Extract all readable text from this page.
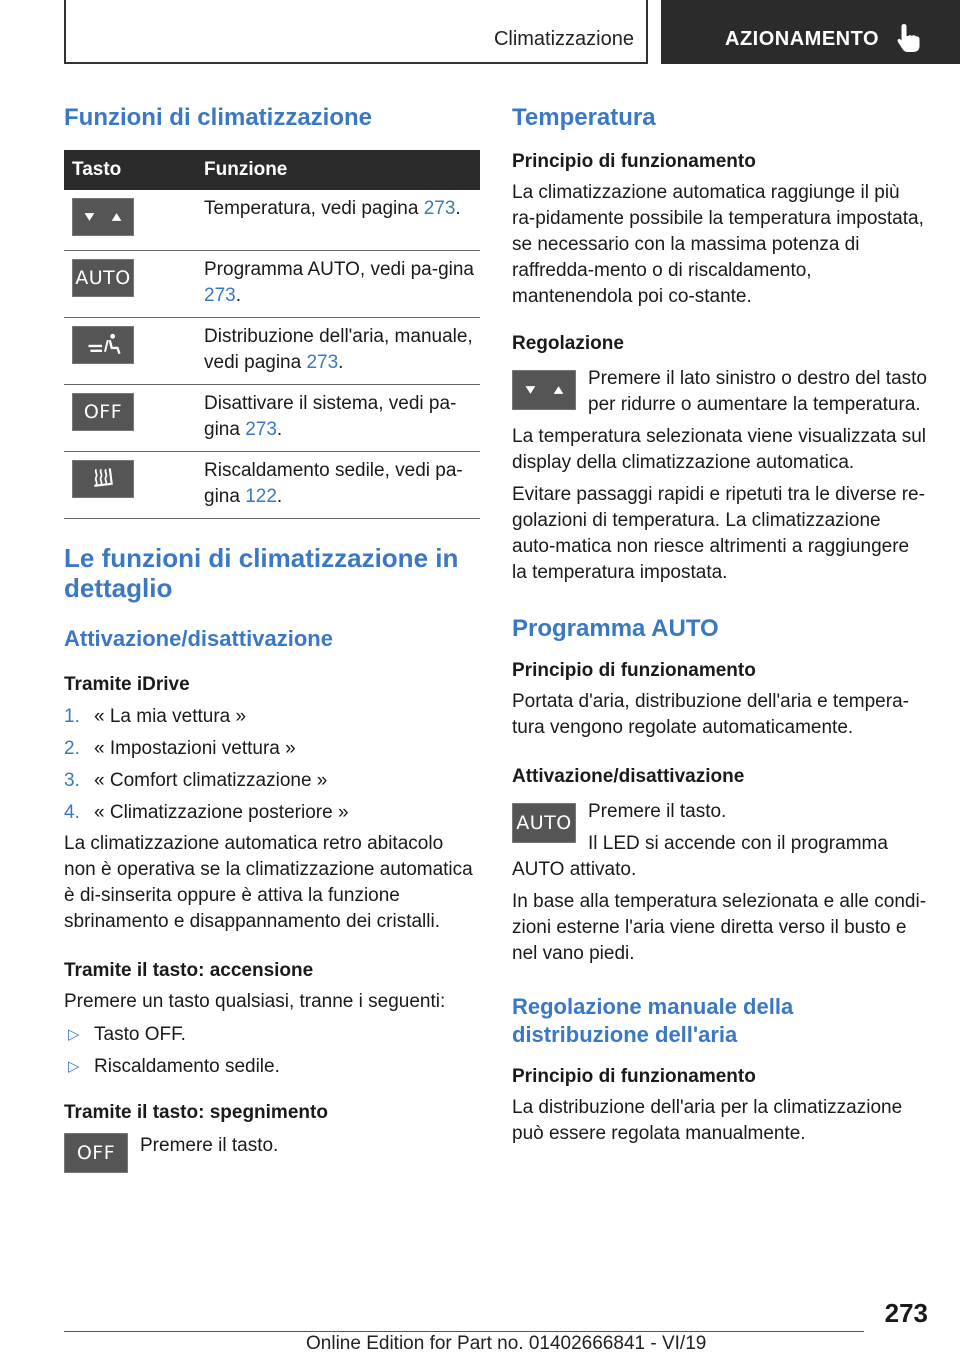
Climatizzazione	AZIONAMENTO
Funzioni di climatizzazione
Tasto	Funzione

	Temperatura, vedi pagina 273.

AUTO	Programma AUTO, vedi pa-gina 273.

	Distribuzione dell'aria, manuale, vedi pagina 273.

OFF	Disattivare il sistema, vedi pa-gina 273.

	Riscaldamento sedile, vedi pa-gina 122.
Le funzioni di climatizzazione in dettaglio
Attivazione/disattivazione
Tramite iDrive
1. « La mia vettura »
2. « Impostazioni vettura »
3. « Comfort climatizzazione »
4. « Climatizzazione posteriore »

La climatizzazione automatica retro abitacolo non è operativa se la climatizzazione automatica è di-sinserita oppure è attiva la funzione sbrinamento e disappannamento dei cristalli.

Tramite il tasto: accensione

Premere un tasto qualsiasi, tranne i seguenti:

▷ Tasto OFF.
▷ Riscaldamento sedile.
Tramite il tasto: spegnimento
OFF Premere il tasto.

Temperatura
Principio di funzionamento

La climatizzazione automatica raggiunge il più ra-pidamente possibile la temperatura impostata, se necessario con la massima potenza di raffredda-mento o di riscaldamento, mantenendola poi co-stante.

Regolazione

Premere il lato sinistro o destro del tasto per ridurre o aumentare la temperatura.

La temperatura selezionata viene visualizzata sul display della climatizzazione automatica.

Evitare passaggi rapidi e ripetuti tra le diverse re-golazioni di temperatura. La climatizzazione auto-matica non riesce altrimenti a raggiungere la temperatura impostata.

Programma AUTO
Principio di funzionamento

Portata d'aria, distribuzione dell'aria e tempera-tura vengono regolate automaticamente.

Attivazione/disattivazione
AUTO

Premere il tasto.

Il LED si accende con il programma

AUTO attivato.

In base alla temperatura selezionata e alle condi-zioni esterne l'aria viene diretta verso il busto e nel vano piedi.

Regolazione manuale della distribuzione dell'aria
Principio di funzionamento

La distribuzione dell'aria per la climatizzazione può essere regolata manualmente.

273
Online Edition for Part no. 01402666841 - VI/19
